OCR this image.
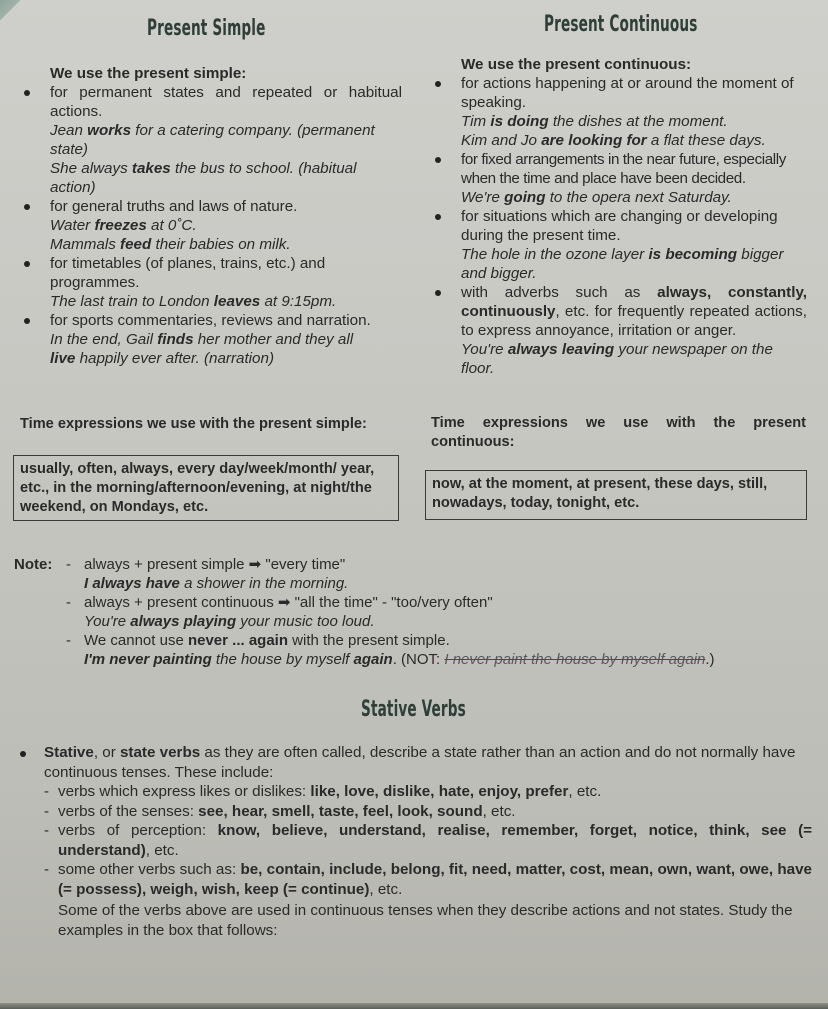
Present Simple
We use the present simple:
for permanent states and repeated or habitual actions.
Jean works for a catering company. (permanent state)
She always takes the bus to school. (habitual action)
for general truths and laws of nature.
Water freezes at 0˚C.
Mammals feed their babies on milk.
for timetables (of planes, trains, etc.) and programmes.
The last train to London leaves at 9:15pm.
for sports commentaries, reviews and narration.
In the end, Gail finds her mother and they all
live happily ever after. (narration)
Time expressions we use with the present simple:
usually, often, always, every day/week/month/ year, etc., in the morning/afternoon/evening, at night/the weekend, on Mondays, etc.
Present Continuous
We use the present continuous:
for actions happening at or around the moment of speaking.
Tim is doing the dishes at the moment.
Kim and Jo are looking for a flat these days.
for fixed arrangements in the near future, especially when the time and place have been decided.
We're going to the opera next Saturday.
for situations which are changing or developing during the present time.
The hole in the ozone layer is becoming bigger and bigger.
with adverbs such as always, constantly, continuously, etc. for frequently repeated actions, to express annoyance, irritation or anger.
You're always leaving your newspaper on the floor.
Time expressions we use with the present continuous:
now, at the moment, at present, these days, still, nowadays, today, tonight, etc.
Note: - always + present simple ➡ "every time"
I always have a shower in the morning.
- always + present continuous ➡ "all the time" - "too/very often"
You're always playing your music too loud.
- We cannot use never ... again with the present simple.
I'm never painting the house by myself again. (NOT: I never paint the house by myself again.)
Stative Verbs
Stative, or state verbs as they are often called, describe a state rather than an action and do not normally have continuous tenses. These include:
- verbs which express likes or dislikes: like, love, dislike, hate, enjoy, prefer, etc.
- verbs of the senses: see, hear, smell, taste, feel, look, sound, etc.
- verbs of perception: know, believe, understand, realise, remember, forget, notice, think, see (= understand), etc.
- some other verbs such as: be, contain, include, belong, fit, need, matter, cost, mean, own, want, owe, have (= possess), weigh, wish, keep (= continue), etc.
Some of the verbs above are used in continuous tenses when they describe actions and not states. Study the examples in the box that follows:
